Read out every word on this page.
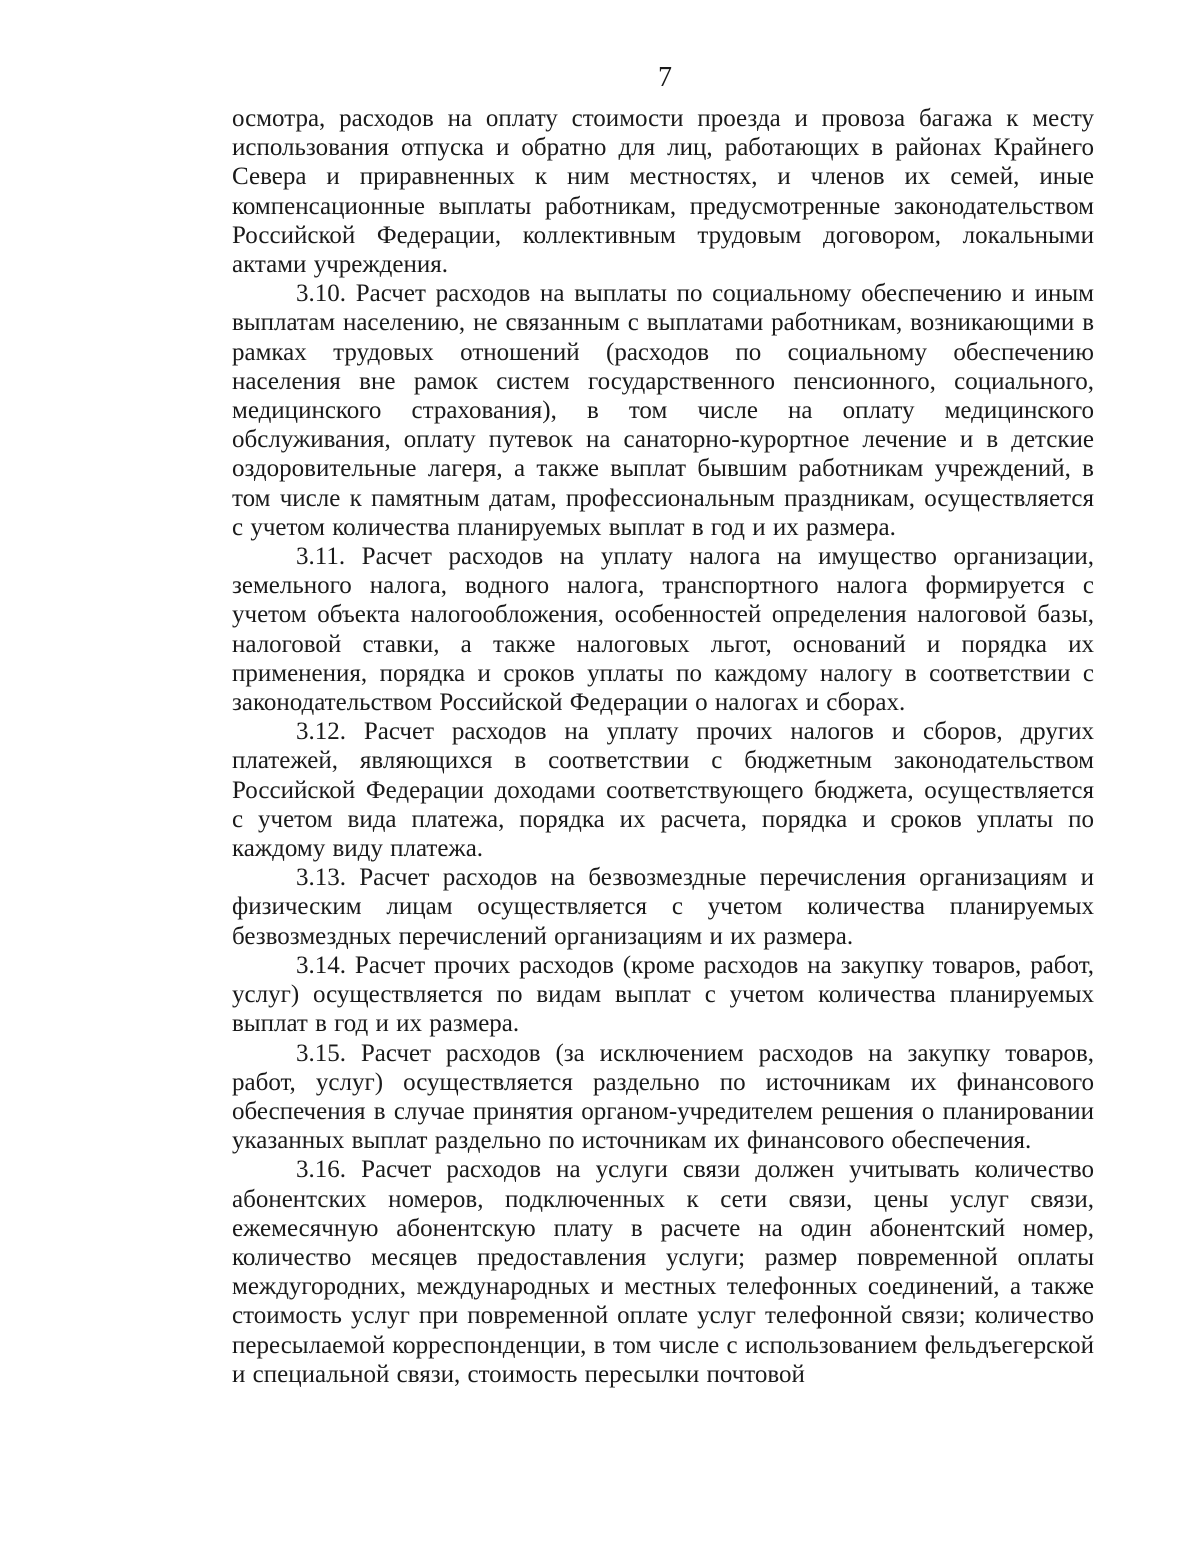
7

осмотра, расходов на оплату стоимости проезда и провоза багажа к месту использования отпуска и обратно для лиц, работающих в районах Крайнего Севера и приравненных к ним местностях, и членов их семей, иные компенсационные выплаты работникам, предусмотренные законодательством Российской Федерации, коллективным трудовым договором, локальными актами учреждения.

3.10. Расчет расходов на выплаты по социальному обеспечению и иным выплатам населению, не связанным с выплатами работникам, возникающими в рамках трудовых отношений (расходов по социальному обеспечению населения вне рамок систем государственного пенсионного, социального, медицинского страхования), в том числе на оплату медицинского обслуживания, оплату путевок на санаторно-курортное лечение и в детские оздоровительные лагеря, а также выплат бывшим работникам учреждений, в том числе к памятным датам, профессиональным праздникам, осуществляется с учетом количества планируемых выплат в год и их размера.

3.11. Расчет расходов на уплату налога на имущество организации, земельного налога, водного налога, транспортного налога формируется с учетом объекта налогообложения, особенностей определения налоговой базы, налоговой ставки, а также налоговых льгот, оснований и порядка их применения, порядка и сроков уплаты по каждому налогу в соответствии с законодательством Российской Федерации о налогах и сборах.

3.12. Расчет расходов на уплату прочих налогов и сборов, других платежей, являющихся в соответствии с бюджетным законодательством Российской Федерации доходами соответствующего бюджета, осуществляется с учетом вида платежа, порядка их расчета, порядка и сроков уплаты по каждому виду платежа.

3.13. Расчет расходов на безвозмездные перечисления организациям и физическим лицам осуществляется с учетом количества планируемых безвозмездных перечислений организациям и их размера.

3.14. Расчет прочих расходов (кроме расходов на закупку товаров, работ, услуг) осуществляется по видам выплат с учетом количества планируемых выплат в год и их размера.

3.15. Расчет расходов (за исключением расходов на закупку товаров, работ, услуг) осуществляется раздельно по источникам их финансового обеспечения в случае принятия органом-учредителем решения о планировании указанных выплат раздельно по источникам их финансового обеспечения.

3.16. Расчет расходов на услуги связи должен учитывать количество абонентских номеров, подключенных к сети связи, цены услуг связи, ежемесячную абонентскую плату в расчете на один абонентский номер, количество месяцев предоставления услуги; размер повременной оплаты междугородних, международных и местных телефонных соединений, а также стоимость услуг при повременной оплате услуг телефонной связи; количество пересылаемой корреспонденции, в том числе с использованием фельдъегерской и специальной связи, стоимость пересылки почтовой
